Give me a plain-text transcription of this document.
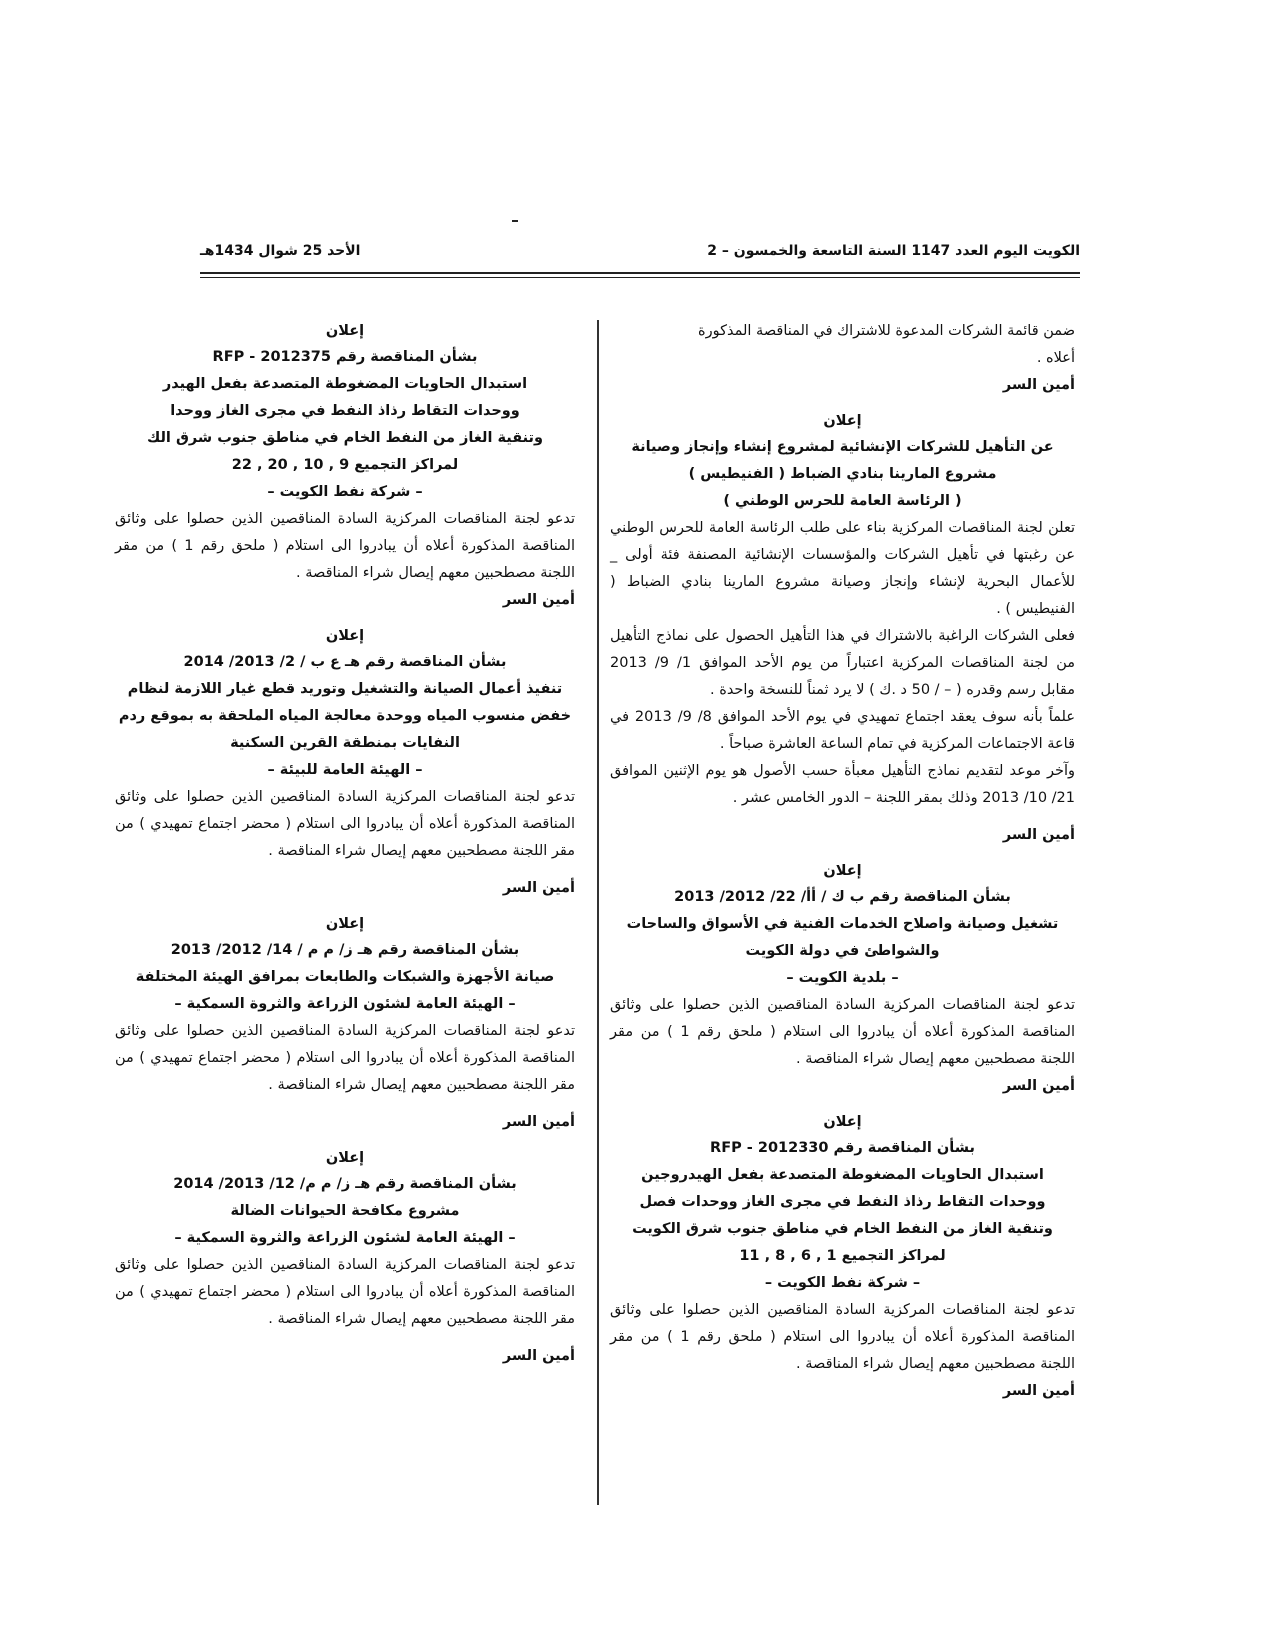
الكويت اليوم العدد 1147 السنة التاسعة والخمسون – 2
الأحد 25 شوال 1434هـ

ضمن قائمة الشركات المدعوة للاشتراك في المناقصة المذكورة

أعلاه .

أمين السر

إعلان

عن التأهيل للشركات الإنشائية لمشروع إنشاء وإنجاز وصيانة

مشروع المارينا بنادي الضباط ( الفنيطيس )

( الرئاسة العامة للحرس الوطني )

تعلن لجنة المناقصات المركزية بناء على طلب الرئاسة العامة للحرس الوطني عن رغبتها في تأهيل الشركات والمؤسسات الإنشائية المصنفة فئة أولى _ للأعمال البحرية لإنشاء وإنجاز وصيانة مشروع المارينا بنادي الضباط ( الفنيطيس ) .

فعلى الشركات الراغبة بالاشتراك في هذا التأهيل الحصول على نماذج التأهيل من لجنة المناقصات المركزية اعتباراً من يوم الأحد الموافق 1/ 9/ 2013 مقابل رسم وقدره ( – / 50 د .ك ) لا يرد ثمناً للنسخة واحدة .

علماً بأنه سوف يعقد اجتماع تمهيدي في يوم الأحد الموافق 8/ 9/ 2013 في قاعة الاجتماعات المركزية في تمام الساعة العاشرة صباحاً .

وآخر موعد لتقديم نماذج التأهيل معبأة حسب الأصول هو يوم الإثنين الموافق 21/ 10/ 2013 وذلك بمقر اللجنة – الدور الخامس عشر .

أمين السر

إعلان

بشأن المناقصة رقم ب ك / أأ/ 22/ 2012/ 2013

تشغيل وصيانة واصلاح الخدمات الفنية في الأسواق والساحات

والشواطئ في دولة الكويت

– بلدية الكويت –

تدعو لجنة المناقصات المركزية السادة المناقصين الذين حصلوا على وثائق المناقصة المذكورة أعلاه أن يبادروا الى استلام ( ملحق رقم 1 ) من مقر اللجنة مصطحبين معهم إيصال شراء المناقصة .

أمين السر

إعلان

بشأن المناقصة رقم RFP - 2012330

استبدال الحاويات المضغوطة المتصدعة بفعل الهيدروجين

ووحدات التقاط رذاذ النفط في مجرى الغاز ووحدات فصل

وتنقية الغاز من النفط الخام في مناطق جنوب شرق الكويت

لمراكز التجميع 1 , 6 , 8 , 11

– شركة نفط الكويت –

تدعو لجنة المناقصات المركزية السادة المناقصين الذين حصلوا على وثائق المناقصة المذكورة أعلاه أن يبادروا الى استلام ( ملحق رقم 1 ) من مقر اللجنة مصطحبين معهم إيصال شراء المناقصة .

أمين السر

إعلان

بشأن المناقصة رقم RFP - 2012375

استبدال الحاويات المضغوطة المتصدعة بفعل الهيدر

ووحدات التقاط رذاذ النفط في مجرى الغاز ووحدا

وتنقية الغاز من النفط الخام في مناطق جنوب شرق الك

لمراكز التجميع 9 , 10 , 20 , 22

– شركة نفط الكويت –

تدعو لجنة المناقصات المركزية السادة المناقصين الذين حصلوا على وثائق المناقصة المذكورة أعلاه أن يبادروا الى استلام ( ملحق رقم 1 ) من مقر اللجنة مصطحبين معهم إيصال شراء المناقصة .

أمين السر

إعلان

بشأن المناقصة رقم هـ ع ب / 2/ 2013/ 2014

تنفيذ أعمال الصيانة والتشغيل وتوريد قطع غيار اللازمة لنظام

خفض منسوب المياه ووحدة معالجة المياه الملحقة به بموقع ردم

النفايات بمنطقة القرين السكنية

– الهيئة العامة للبيئة –

تدعو لجنة المناقصات المركزية السادة المناقصين الذين حصلوا على وثائق المناقصة المذكورة أعلاه أن يبادروا الى استلام ( محضر اجتماع تمهيدي ) من مقر اللجنة مصطحبين معهم إيصال شراء المناقصة .

أمين السر

إعلان

بشأن المناقصة رقم هـ ز/ م م / 14/ 2012/ 2013

صيانة الأجهزة والشبكات والطابعات بمرافق الهيئة المختلفة

– الهيئة العامة لشئون الزراعة والثروة السمكية –

تدعو لجنة المناقصات المركزية السادة المناقصين الذين حصلوا على وثائق المناقصة المذكورة أعلاه أن يبادروا الى استلام ( محضر اجتماع تمهيدي ) من مقر اللجنة مصطحبين معهم إيصال شراء المناقصة .

أمين السر

إعلان

بشأن المناقصة رقم هـ ز/ م م/ 12/ 2013/ 2014

مشروع مكافحة الحيوانات الضالة

– الهيئة العامة لشئون الزراعة والثروة السمكية –

تدعو لجنة المناقصات المركزية السادة المناقصين الذين حصلوا على وثائق المناقصة المذكورة أعلاه أن يبادروا الى استلام ( محضر اجتماع تمهيدي ) من مقر اللجنة مصطحبين معهم إيصال شراء المناقصة .

أمين السر
